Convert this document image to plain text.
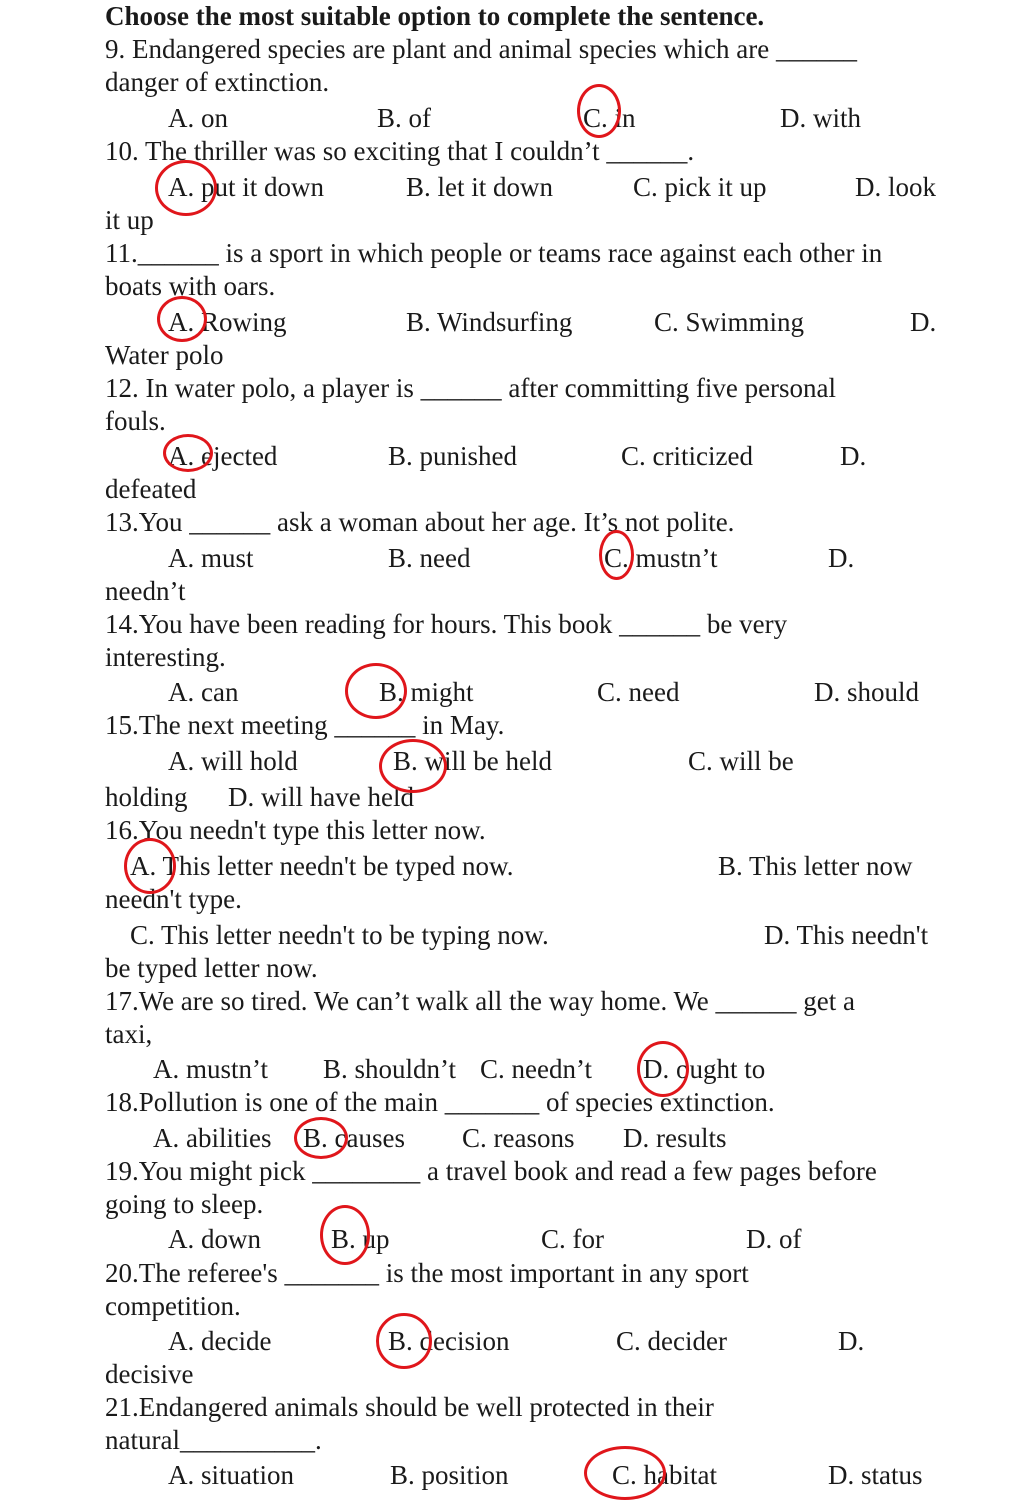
Choose the most suitable option to complete the sentence.
9. Endangered species are plant and animal species which are ______
danger of extinction.
A. on	B. of	C. in	D. with
10. The thriller was so exciting that I couldn’t ______.
A. put it down	B. let it down	C. pick it up	D. look
it up
11.______ is a sport in which people or teams race against each other in
boats with oars.
A. Rowing	B. Windsurfing	C. Swimming	D.
Water polo
12. In water polo, a player is ______ after committing five personal
fouls.
A. ejected	B. punished	C. criticized	D.
defeated
13.You ______ ask a woman about her age. It’s not polite.
A. must	B. need	C. mustn’t	D.
needn’t
14.You have been reading for hours. This book ______ be very
interesting.
A. can	B. might	C. need	D. should
15.The next meeting ______ in May.
A. will hold	B. will be held	C. will be
holding D. will have held
16.You needn't type this letter now.
A. This letter needn't be typed now.	B. This letter now
needn't type.
C. This letter needn't to be typing now.	D. This needn't
be typed letter now.
17.We are so tired. We can’t walk all the way home. We ______ get a
taxi,
A. mustn’t B. shouldn’t C. needn’t D. ought to
18.Pollution is one of the main _______ of species extinction.
A. abilities B. causes C. reasons D. results
19.You might pick ________ a travel book and read a few pages before
going to sleep.
A. down	B. up	C. for	D. of
20.The referee's _______ is the most important in any sport
competition.
A. decide	B. decision	C. decider	D.
decisive
21.Endangered animals should be well protected in their
natural__________.
A. situation	B. position	C. habitat	D. status
